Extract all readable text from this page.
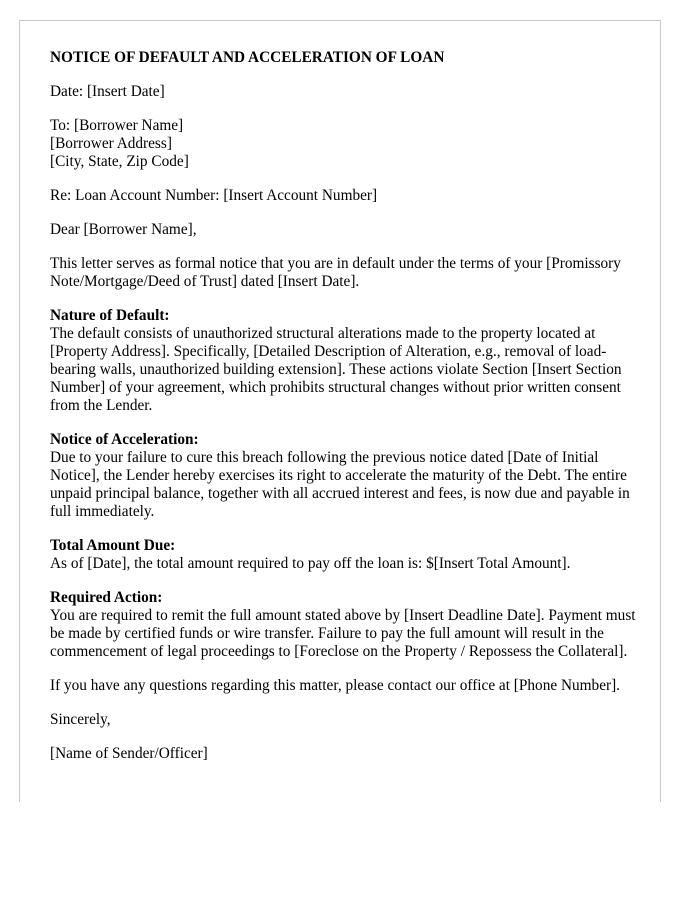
NOTICE OF DEFAULT AND ACCELERATION OF LOAN

Date: [Insert Date]

To: [Borrower Name]
[Borrower Address]
[City, State, Zip Code]

Re: Loan Account Number: [Insert Account Number]

Dear [Borrower Name],

This letter serves as formal notice that you are in default under the terms of your [Promissory Note/Mortgage/Deed of Trust] dated [Insert Date].

Nature of Default:
The default consists of unauthorized structural alterations made to the property located at [Property Address]. Specifically, [Detailed Description of Alteration, e.g., removal of load-bearing walls, unauthorized building extension]. These actions violate Section [Insert Section Number] of your agreement, which prohibits structural changes without prior written consent from the Lender.

Notice of Acceleration:
Due to your failure to cure this breach following the previous notice dated [Date of Initial Notice], the Lender hereby exercises its right to accelerate the maturity of the Debt. The entire unpaid principal balance, together with all accrued interest and fees, is now due and payable in full immediately.

Total Amount Due:
As of [Date], the total amount required to pay off the loan is: $[Insert Total Amount].

Required Action:
You are required to remit the full amount stated above by [Insert Deadline Date]. Payment must be made by certified funds or wire transfer. Failure to pay the full amount will result in the commencement of legal proceedings to [Foreclose on the Property / Repossess the Collateral].

If you have any questions regarding this matter, please contact our office at [Phone Number].

Sincerely,

[Name of Sender/Officer]
